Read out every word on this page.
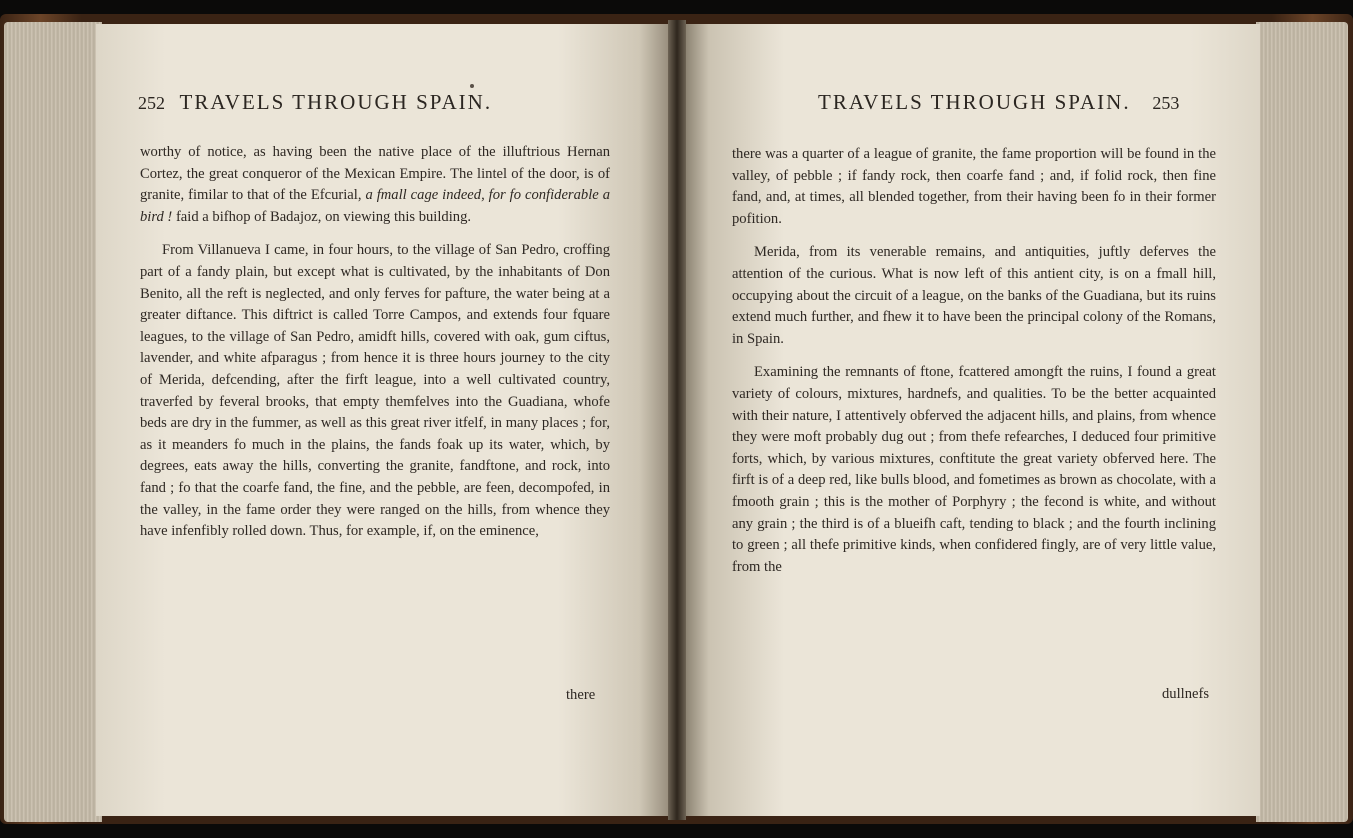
252 TRAVELS THROUGH SPAIN.

worthy of notice, as having been the native place of the illuftrious Hernan Cortez, the great conqueror of the Mexican Empire. The lintel of the door, is of granite, fimilar to that of the Efcurial, a fmall cage indeed, for fo confiderable a bird ! faid a bifhop of Badajoz, on viewing this building.

From Villanueva I came, in four hours, to the village of San Pedro, croffing part of a fandy plain, but except what is cultivated, by the inhabitants of Don Benito, all the reft is neglected, and only ferves for pafture, the water being at a greater diftance. This diftrict is called Torre Campos, and extends four fquare leagues, to the village of San Pedro, amidft hills, covered with oak, gum ciftus, lavender, and white afparagus ; from hence it is three hours journey to the city of Merida, defcending, after the firft league, into a well cultivated country, traverfed by feveral brooks, that empty themfelves into the Guadiana, whofe beds are dry in the fummer, as well as this great river itfelf, in many places ; for, as it meanders fo much in the plains, the fands foak up its water, which, by degrees, eats away the hills, converting the granite, fandftone, and rock, into fand ; fo that the coarfe fand, the fine, and the pebble, are feen, decompofed, in the valley, in the fame order they were ranged on the hills, from whence they have infenfibly rolled down. Thus, for example, if, on the eminence,

there
TRAVELS THROUGH SPAIN. 253

there was a quarter of a league of granite, the fame proportion will be found in the valley, of pebble ; if fandy rock, then coarfe fand ; and, if folid rock, then fine fand, and, at times, all blended together, from their having been fo in their former pofition.

Merida, from its venerable remains, and antiquities, juftly deferves the attention of the curious. What is now left of this antient city, is on a fmall hill, occupying about the circuit of a league, on the banks of the Guadiana, but its ruins extend much further, and fhew it to have been the principal colony of the Romans, in Spain.

Examining the remnants of ftone, fcattered amongft the ruins, I found a great variety of colours, mixtures, hardnefs, and qualities. To be the better acquainted with their nature, I attentively obferved the adjacent hills, and plains, from whence they were moft probably dug out ; from thefe refearches, I deduced four primitive forts, which, by various mixtures, conftitute the great variety obferved here. The firft is of a deep red, like bulls blood, and fometimes as brown as chocolate, with a fmooth grain ; this is the mother of Porphyry ; the fecond is white, and without any grain ; the third is of a blueifh caft, tending to black ; and the fourth inclining to green ; all thefe primitive kinds, when confidered fingly, are of very little value, from the

dullnefs
